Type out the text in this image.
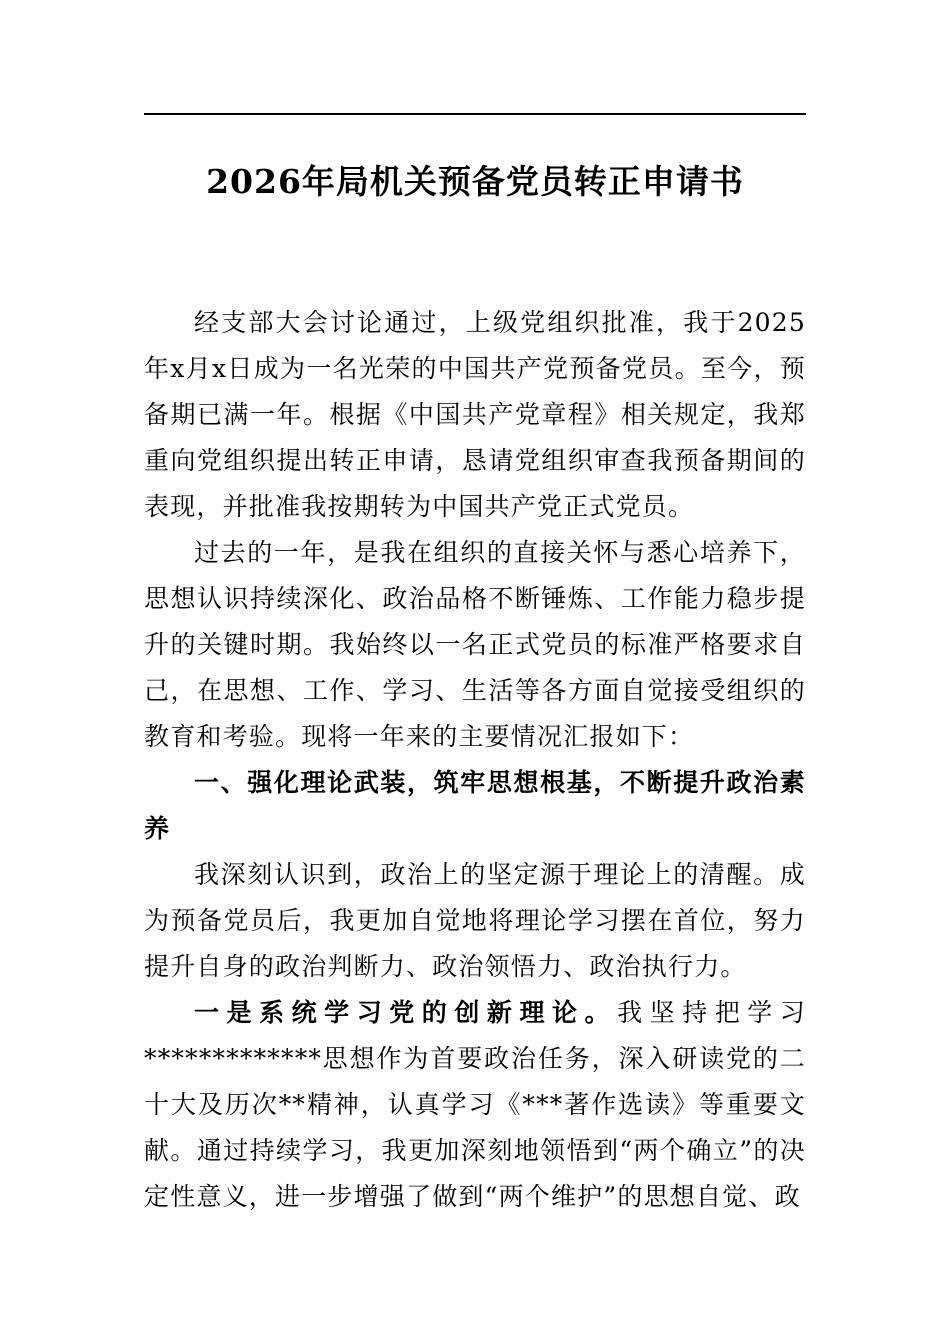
2026年局机关预备党员转正申请书

经支部大会讨论通过，上级党组织批准，我于2025年x月x日成为一名光荣的中国共产党预备党员。至今，预备期已满一年。根据《中国共产党章程》相关规定，我郑重向党组织提出转正申请，恳请党组织审查我预备期间的表现，并批准我按期转为中国共产党正式党员。

过去的一年，是我在组织的直接关怀与悉心培养下，思想认识持续深化、政治品格不断锤炼、工作能力稳步提升的关键时期。我始终以一名正式党员的标准严格要求自己，在思想、工作、学习、生活等各方面自觉接受组织的教育和考验。现将一年来的主要情况汇报如下：

一、强化理论武装，筑牢思想根基，不断提升政治素养

我深刻认识到，政治上的坚定源于理论上的清醒。成为预备党员后，我更加自觉地将理论学习摆在首位，努力提升自身的政治判断力、政治领悟力、政治执行力。

一是系统学习党的创新理论。我坚持把学习*************思想作为首要政治任务，深入研读党的二十大及历次**精神，认真学习《***著作选读》等重要文献。通过持续学习，我更加深刻地领悟到“两个确立”的决定性意义，进一步增强了做到“两个维护”的思想自觉、政
